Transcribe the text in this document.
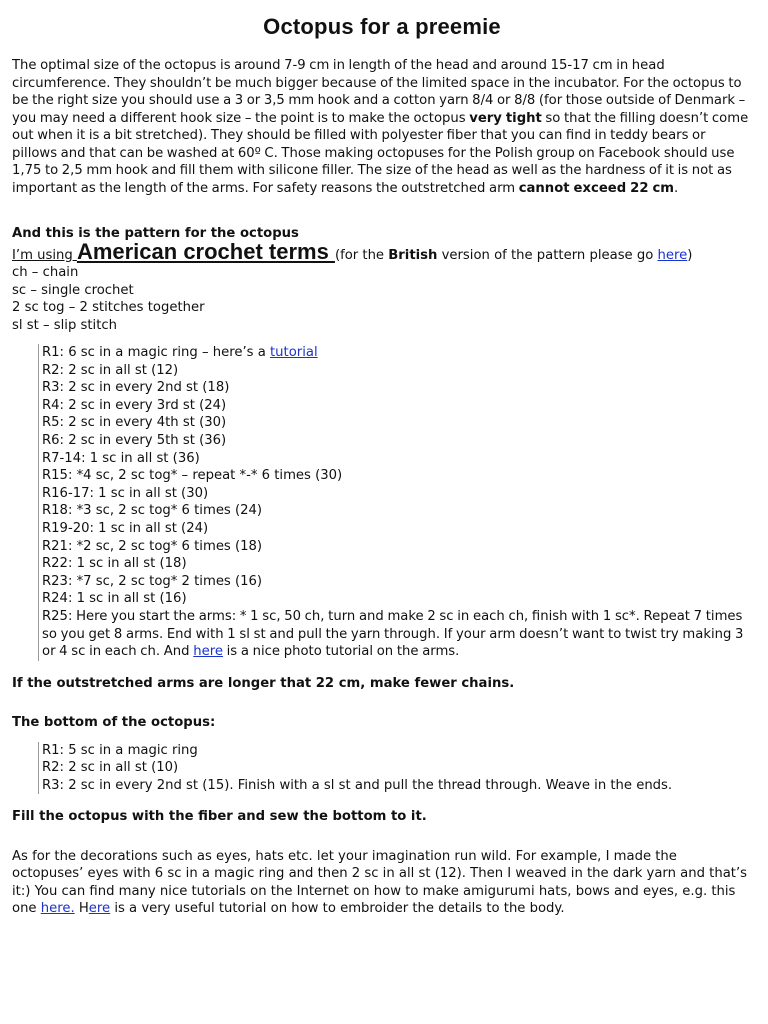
Octopus for a preemie

The optimal size of the octopus is around 7-9 cm in length of the head and around 15-17 cm in head circumference. They shouldn’t be much bigger because of the limited space in the incubator. For the octopus to be the right size you should use a 3 or 3,5 mm hook and a cotton yarn 8/4 or 8/8 (for those outside of Denmark – you may need a different hook size – the point is to make the octopus very tight so that the filling doesn’t come out when it is a bit stretched). They should be filled with polyester fiber that you can find in teddy bears or pillows and that can be washed at 60º C. Those making octopuses for the Polish group on Facebook should use 1,75 to 2,5 mm hook and fill them with silicone filler. The size of the head as well as the hardness of it is not as important as the length of the arms. For safety reasons the outstretched arm cannot exceed 22 cm.

And this is the pattern for the octopus

I’m using American crochet terms (for the British version of the pattern please go here)

ch – chain

sc – single crochet

2 sc tog – 2 stitches together

sl st – slip stitch

R1: 6 sc in a magic ring – here’s a tutorial
R2: 2 sc in all st (12)
R3: 2 sc in every 2nd st (18)
R4: 2 sc in every 3rd st (24)
R5: 2 sc in every 4th st (30)
R6: 2 sc in every 5th st (36)
R7-14: 1 sc in all st (36)
R15: *4 sc, 2 sc tog* – repeat *-* 6 times (30)
R16-17: 1 sc in all st (30)
R18: *3 sc, 2 sc tog* 6 times (24)
R19-20: 1 sc in all st (24)
R21: *2 sc, 2 sc tog* 6 times (18)
R22: 1 sc in all st (18)
R23: *7 sc, 2 sc tog* 2 times (16)
R24: 1 sc in all st (16)
R25: Here you start the arms: * 1 sc, 50 ch, turn and make 2 sc in each ch, finish with 1 sc*. Repeat 7 times so you get 8 arms. End with 1 sl st and pull the yarn through. If your arm doesn’t want to twist try making 3 or 4 sc in each ch. And here is a nice photo tutorial on the arms.

If the outstretched arms are longer that 22 cm, make fewer chains.

The bottom of the octopus:

R1: 5 sc in a magic ring
R2: 2 sc in all st (10)
R3: 2 sc in every 2nd st (15). Finish with a sl st and pull the thread through. Weave in the ends.

Fill the octopus with the fiber and sew the bottom to it.

As for the decorations such as eyes, hats etc. let your imagination run wild. For example, I made the octopuses’ eyes with 6 sc in a magic ring and then 2 sc in all st (12). Then I weaved in the dark yarn and that’s it:) You can find many nice tutorials on the Internet on how to make amigurumi hats, bows and eyes, e.g. this one here. Here is a very useful tutorial on how to embroider the details to the body.
